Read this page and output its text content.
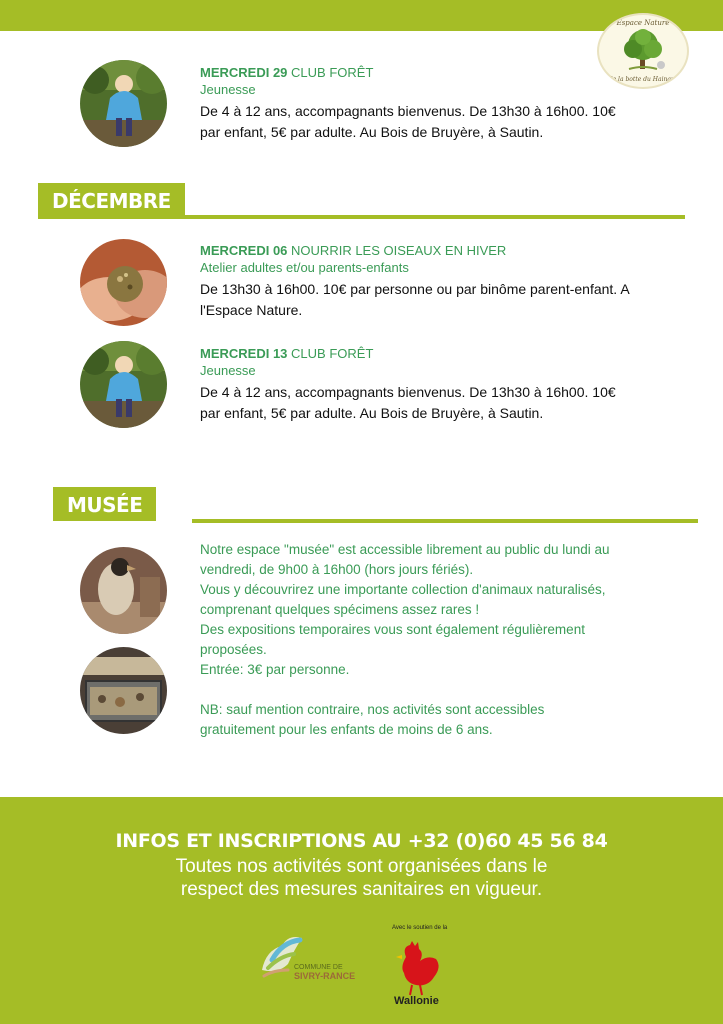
Espace Nature
de la botte du Hainaut
MERCREDI 29 CLUB FORÊT
Jeunesse
De 4 à 12 ans, accompagnants bienvenus. De 13h30 à 16h00. 10€
par enfant, 5€ par adulte. Au Bois de Bruyère, à Sautin.
DÉCEMBRE
MERCREDI 06 NOURRIR LES OISEAUX EN HIVER
Atelier adultes et/ou parents-enfants
De 13h30 à 16h00. 10€ par personne ou par binôme parent-enfant. A
l'Espace Nature.
MERCREDI 13 CLUB FORÊT
Jeunesse
De 4 à 12 ans, accompagnants bienvenus. De 13h30 à 16h00. 10€
par enfant, 5€ par adulte. Au Bois de Bruyère, à Sautin.
MUSÉE

Notre espace "musée" est accessible librement au public du lundi au

vendredi, de 9h00 à 16h00 (hors jours fériés).

Vous y découvrirez une importante collection d'animaux naturalisés,

comprenant quelques spécimens assez rares !

Des expositions temporaires vous sont également régulièrement

proposées.

Entrée: 3€ par personne.

NB: sauf mention contraire, nos activités sont accessibles

gratuitement pour les enfants de moins de 6 ans.

INFOS ET INSCRIPTIONS AU +32 (0)60 45 56 84
Toutes nos activités sont organisées dans le
respect des mesures sanitaires en vigueur.
COMMUNE DE
SIVRY-RANCE
Avec le soutien de la
Wallonie
